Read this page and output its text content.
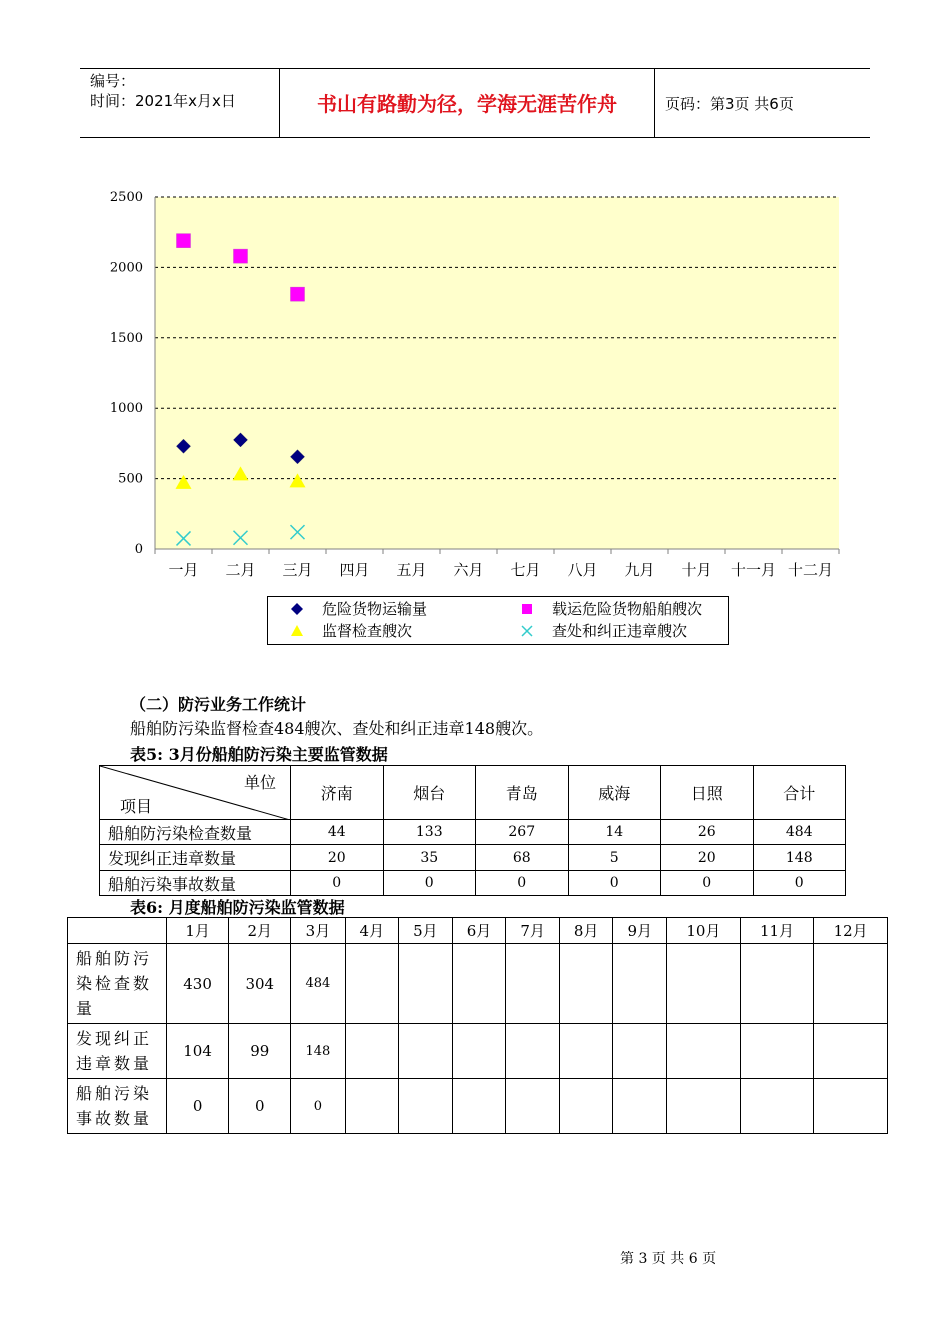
编号：
时间：2021年x月x日	书山有路勤为径，学海无涯苦作舟	页码：第3页 共6页
0
500
1000
1500
2000
2500
一月 二月 三月 四月 五月 六月 七月 八月 九月 十月 十一月 十二月
危险货物运输量	载运危险货物船舶艘次
监督检查艘次	查处和纠正违章艘次
（二）防污业务工作统计
船舶防污染监督检查484艘次、查处和纠正违章148艘次。
表5: 3月份船舶防污染主要监管数据
单位
项目	济南	烟台	青岛	威海	日照	合计
船舶防污染检查数量	44	133	267	14	26	484
发现纠正违章数量	20	35	68	5	20	148
船舶污染事故数量	0	0	0	0	0	0
表6: 月度船舶防污染监管数据
	1月	2月	3月	4月	5月	6月	7月	8月	9月	10月	11月	12月
船舶防污染检查数量	430	304	484									
发现纠正违章数量	104	99	148									
船舶污染事故数量	0	0	0									
第 3 页 共 6 页
